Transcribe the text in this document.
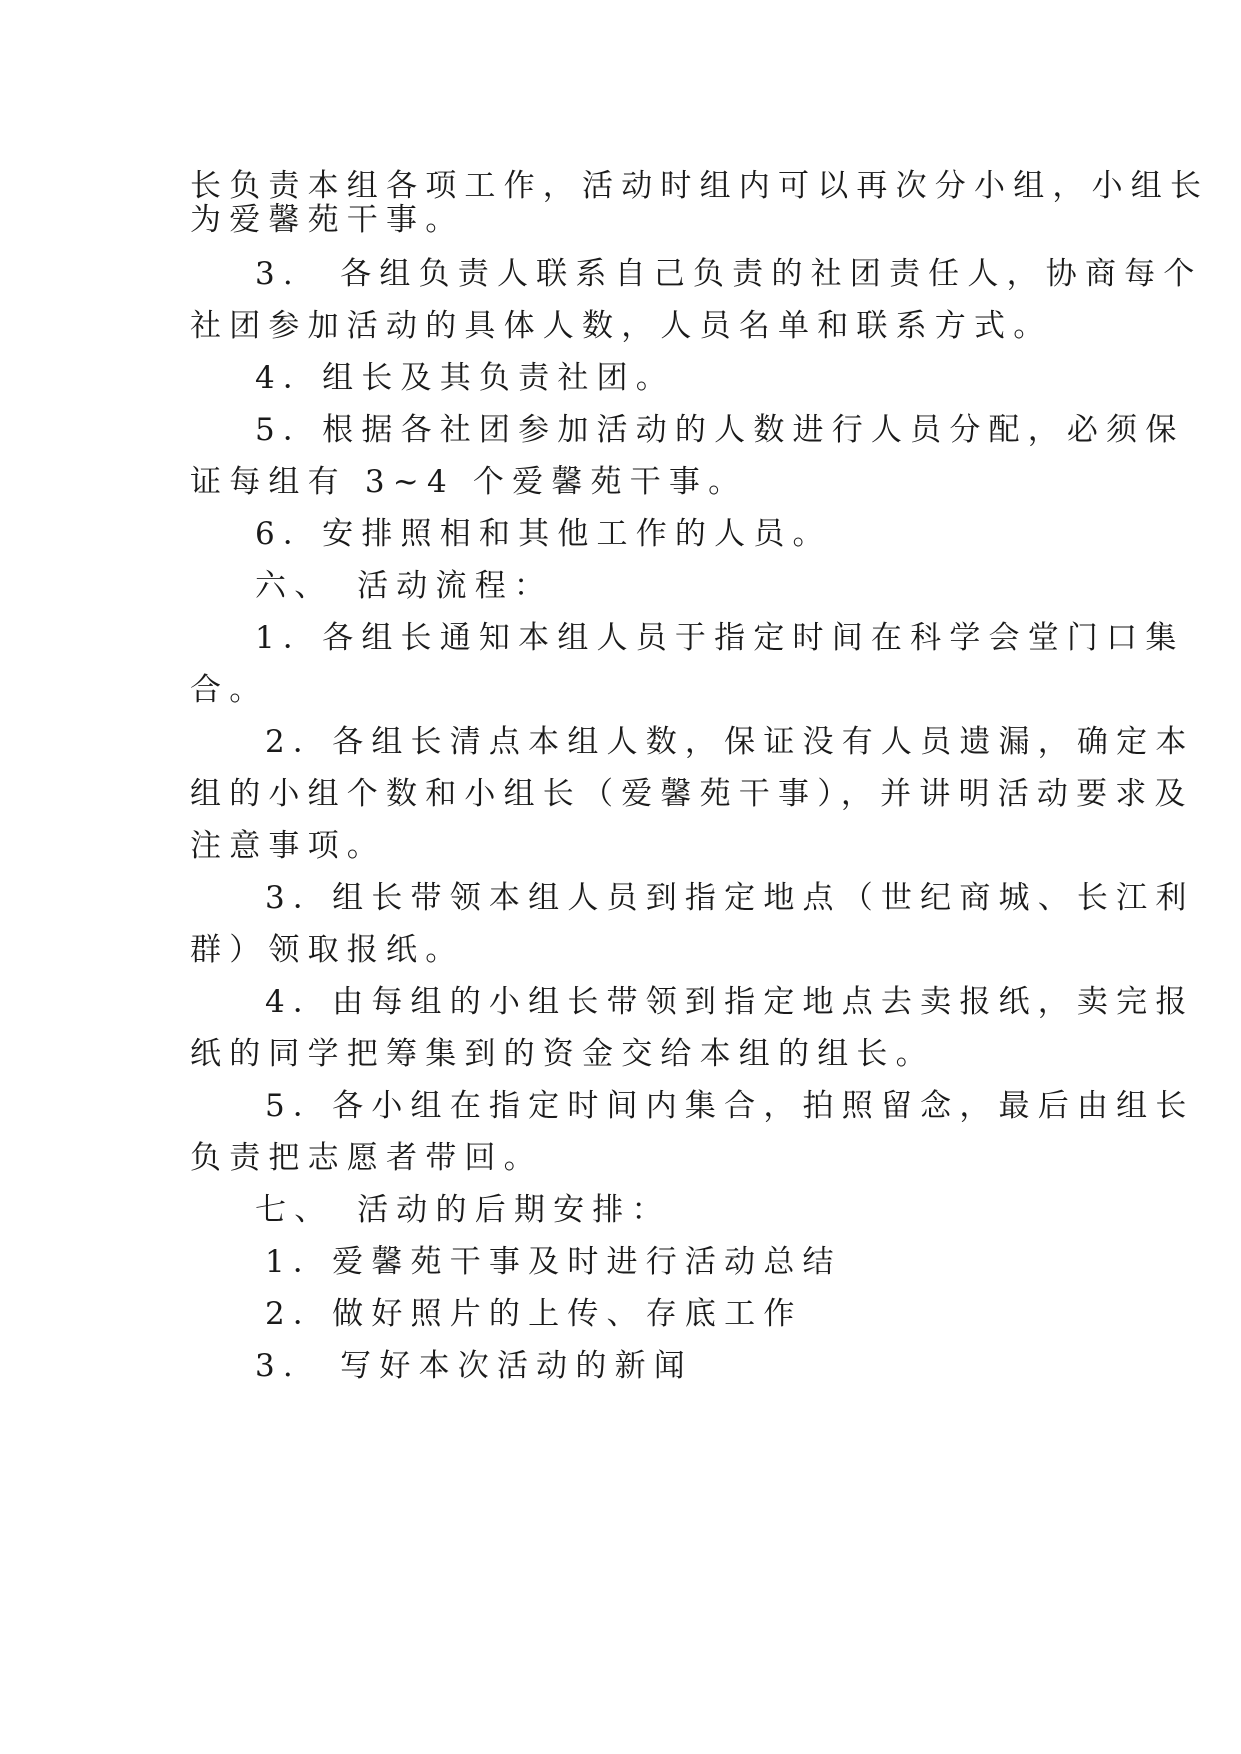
长负责本组各项工作，活动时组内可以再次分小组，小组长
为爱馨苑干事。
3.　各组负责人联系自己负责的社团责任人，协商每个
社团参加活动的具体人数，人员名单和联系方式。
4．组长及其负责社团。
5．根据各社团参加活动的人数进行人员分配，必须保
证每组有 3~4 个爱馨苑干事。
6．安排照相和其他工作的人员。
六、　活动流程：
1．各组长通知本组人员于指定时间在科学会堂门口集
合。
2．各组长清点本组人数，保证没有人员遗漏，确定本
组的小组个数和小组长（爱馨苑干事），并讲明活动要求及
注意事项。
3．组长带领本组人员到指定地点（世纪商城、长江利
群）领取报纸。
4．由每组的小组长带领到指定地点去卖报纸，卖完报
纸的同学把筹集到的资金交给本组的组长。
5．各小组在指定时间内集合，拍照留念，最后由组长
负责把志愿者带回。
七、　活动的后期安排：
1．爱馨苑干事及时进行活动总结
2．做好照片的上传、存底工作
3.　写好本次活动的新闻
